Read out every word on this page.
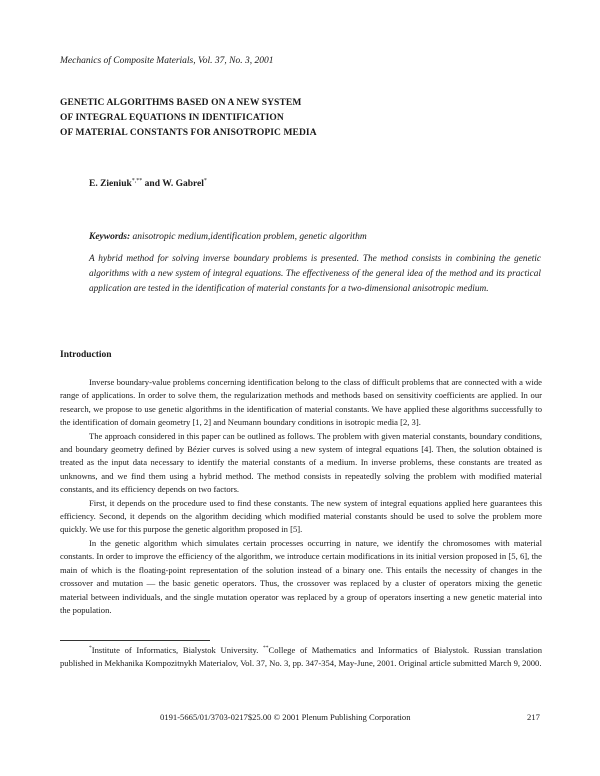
Mechanics of Composite Materials, Vol. 37, No. 3, 2001
GENETIC ALGORITHMS BASED ON A NEW SYSTEM
OF INTEGRAL EQUATIONS IN IDENTIFICATION
OF MATERIAL CONSTANTS FOR ANISOTROPIC MEDIA
E. Zieniuk*,** and W. Gabrel*
Keywords: anisotropic medium,identification problem, genetic algorithm
A hybrid method for solving inverse boundary problems is presented. The method consists in combining the genetic algorithms with a new system of integral equations. The effectiveness of the general idea of the method and its practical application are tested in the identification of material constants for a two-dimensional anisotropic medium.
Introduction

Inverse boundary-value problems concerning identification belong to the class of difficult problems that are connected with a wide range of applications. In order to solve them, the regularization methods and methods based on sensitivity coefficients are applied. In our research, we propose to use genetic algorithms in the identification of material constants. We have applied these algorithms successfully to the identification of domain geometry [1, 2] and Neumann boundary conditions in isotropic media [2, 3].

The approach considered in this paper can be outlined as follows. The problem with given material constants, boundary conditions, and boundary geometry defined by Bézier curves is solved using a new system of integral equations [4]. Then, the solution obtained is treated as the input data necessary to identify the material constants of a medium. In inverse problems, these constants are treated as unknowns, and we find them using a hybrid method. The method consists in repeatedly solving the problem with modified material constants, and its efficiency depends on two factors.

First, it depends on the procedure used to find these constants. The new system of integral equations applied here guarantees this efficiency. Second, it depends on the algorithm deciding which modified material constants should be used to solve the problem more quickly. We use for this purpose the genetic algorithm proposed in [5].

In the genetic algorithm which simulates certain processes occurring in nature, we identify the chromosomes with material constants. In order to improve the efficiency of the algorithm, we introduce certain modifications in its initial version proposed in [5, 6], the main of which is the floating-point representation of the solution instead of a binary one. This entails the necessity of changes in the crossover and mutation — the basic genetic operators. Thus, the crossover was replaced by a cluster of operators mixing the genetic material between individuals, and the single mutation operator was replaced by a group of operators inserting a new genetic material into the population.

*Institute of Informatics, Bialystok University. **College of Mathematics and Informatics of Bialystok. Russian translation published in Mekhanika Kompozitnykh Materialov, Vol. 37, No. 3, pp. 347-354, May-June, 2001. Original article submitted March 9, 2000.

0191-5665/01/3703-0217$25.00 © 2001 Plenum Publishing Corporation	217
